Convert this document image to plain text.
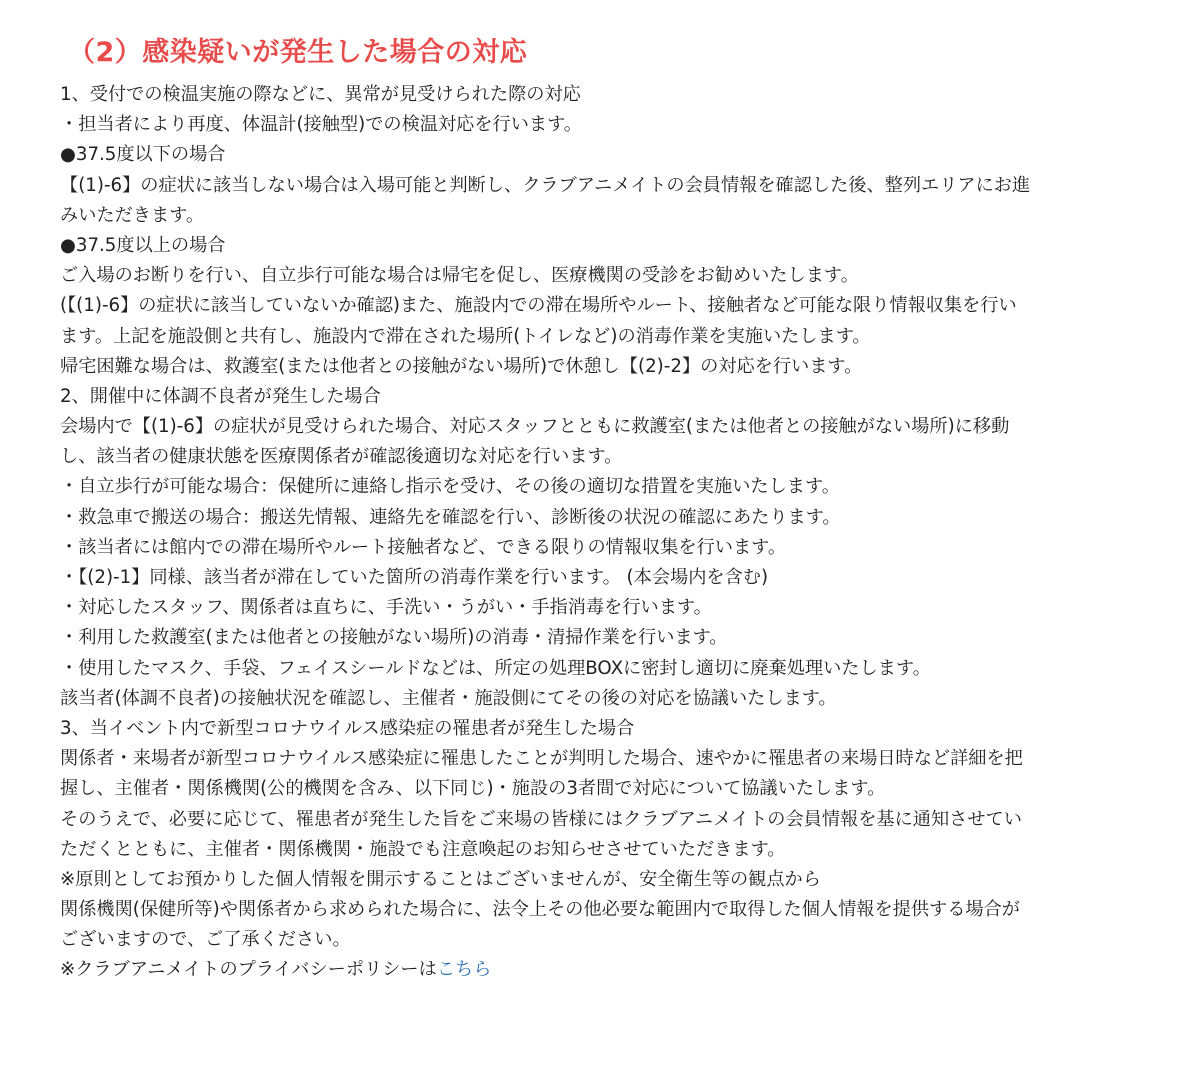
（2）感染疑いが発生した場合の対応
1、受付での検温実施の際などに、異常が見受けられた際の対応
・担当者により再度、体温計(接触型)での検温対応を行います。
●37.5度以下の場合
【(1)-6】の症状に該当しない場合は入場可能と判断し、クラブアニメイトの会員情報を確認した後、整列エリアにお進
みいただきます。
●37.5度以上の場合
ご入場のお断りを行い、自立歩行可能な場合は帰宅を促し、医療機関の受診をお勧めいたします。
(【(1)-6】の症状に該当していないか確認)また、施設内での滞在場所やルート、接触者など可能な限り情報収集を行い
ます。上記を施設側と共有し、施設内で滞在された場所(トイレなど)の消毒作業を実施いたします。
帰宅困難な場合は、救護室(または他者との接触がない場所)で休憩し【(2)-2】の対応を行います。
2、開催中に体調不良者が発生した場合
会場内で【(1)-6】の症状が見受けられた場合、対応スタッフとともに救護室(または他者との接触がない場所)に移動
し、該当者の健康状態を医療関係者が確認後適切な対応を行います。
・自立歩行が可能な場合：保健所に連絡し指示を受け、その後の適切な措置を実施いたします。
・救急車で搬送の場合：搬送先情報、連絡先を確認を行い、診断後の状況の確認にあたります。
・該当者には館内での滞在場所やルート接触者など、できる限りの情報収集を行います。
・【(2)-1】同様、該当者が滞在していた箇所の消毒作業を行います。 (本会場内を含む)
・対応したスタッフ、関係者は直ちに、手洗い・うがい・手指消毒を行います。
・利用した救護室(または他者との接触がない場所)の消毒・清掃作業を行います。
・使用したマスク、手袋、フェイスシールドなどは、所定の処理BOXに密封し適切に廃棄処理いたします。
該当者(体調不良者)の接触状況を確認し、主催者・施設側にてその後の対応を協議いたします。
3、当イベント内で新型コロナウイルス感染症の罹患者が発生した場合
関係者・来場者が新型コロナウイルス感染症に罹患したことが判明した場合、速やかに罹患者の来場日時など詳細を把
握し、主催者・関係機関(公的機関を含み、以下同じ)・施設の3者間で対応について協議いたします。
そのうえで、必要に応じて、罹患者が発生した旨をご来場の皆様にはクラブアニメイトの会員情報を基に通知させてい
ただくとともに、主催者・関係機関・施設でも注意喚起のお知らせさせていただきます。
※原則としてお預かりした個人情報を開示することはございませんが、安全衛生等の観点から
関係機関(保健所等)や関係者から求められた場合に、法令上その他必要な範囲内で取得した個人情報を提供する場合が
ございますので、ご了承ください。
※クラブアニメイトのプライバシーポリシーはこちら
